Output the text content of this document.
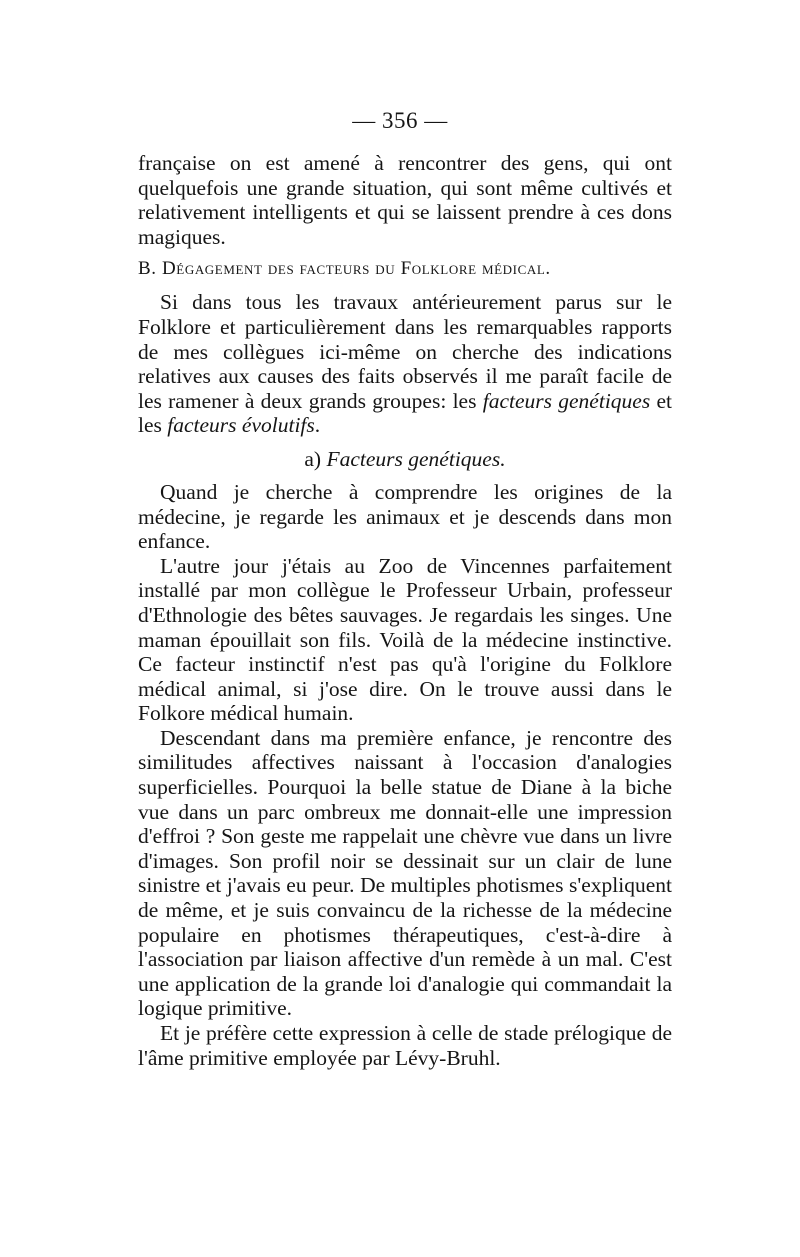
— 356 —

française on est amené à rencontrer des gens, qui ont quelquefois une grande situation, qui sont même cultivés et relativement intelligents et qui se laissent prendre à ces dons magiques.

B. Dégagement des facteurs du Folklore médical.

Si dans tous les travaux antérieurement parus sur le Folklore et particulièrement dans les remarquables rapports de mes collègues ici-même on cherche des indications relatives aux causes des faits observés il me paraît facile de les ramener à deux grands groupes: les facteurs genétiques et les facteurs évolutifs.

a) Facteurs genétiques.

Quand je cherche à comprendre les origines de la médecine, je regarde les animaux et je descends dans mon enfance.

L'autre jour j'étais au Zoo de Vincennes parfaitement installé par mon collègue le Professeur Urbain, professeur d'Ethnologie des bêtes sauvages. Je regardais les singes. Une maman épouillait son fils. Voilà de la médecine instinctive. Ce facteur instinctif n'est pas qu'à l'origine du Folklore médical animal, si j'ose dire. On le trouve aussi dans le Folkore médical humain.

Descendant dans ma première enfance, je rencontre des similitudes affectives naissant à l'occasion d'analogies superficielles. Pourquoi la belle statue de Diane à la biche vue dans un parc ombreux me donnait-elle une impression d'effroi ? Son geste me rappelait une chèvre vue dans un livre d'images. Son profil noir se dessinait sur un clair de lune sinistre et j'avais eu peur. De multiples photismes s'expliquent de même, et je suis convaincu de la richesse de la médecine populaire en photismes thérapeutiques, c'est-à-dire à l'association par liaison affective d'un remède à un mal. C'est une application de la grande loi d'analogie qui commandait la logique primitive.

Et je préfère cette expression à celle de stade prélogique de l'âme primitive employée par Lévy-Bruhl.
